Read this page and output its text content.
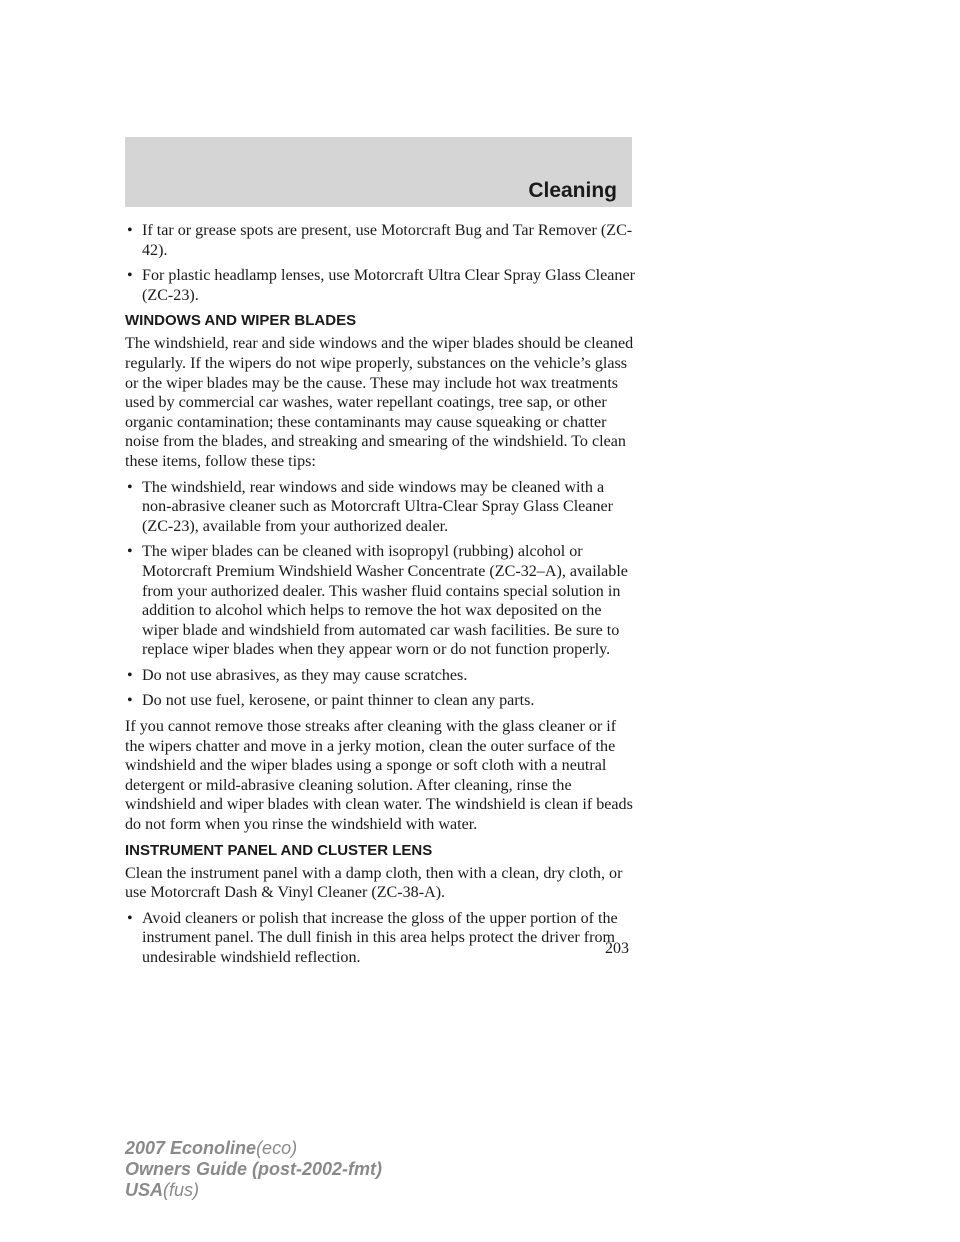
Cleaning
• If tar or grease spots are present, use Motorcraft Bug and Tar Remover (ZC-42).
• For plastic headlamp lenses, use Motorcraft Ultra Clear Spray Glass Cleaner (ZC-23).
WINDOWS AND WIPER BLADES

The windshield, rear and side windows and the wiper blades should be cleaned regularly. If the wipers do not wipe properly, substances on the vehicle’s glass or the wiper blades may be the cause. These may include hot wax treatments used by commercial car washes, water repellant coatings, tree sap, or other organic contamination; these contaminants may cause squeaking or chatter noise from the blades, and streaking and smearing of the windshield. To clean these items, follow these tips:

• The windshield, rear windows and side windows may be cleaned with a non-abrasive cleaner such as Motorcraft Ultra-Clear Spray Glass Cleaner (ZC-23), available from your authorized dealer.
• The wiper blades can be cleaned with isopropyl (rubbing) alcohol or Motorcraft Premium Windshield Washer Concentrate (ZC-32–A), available from your authorized dealer. This washer fluid contains special solution in addition to alcohol which helps to remove the hot wax deposited on the wiper blade and windshield from automated car wash facilities. Be sure to replace wiper blades when they appear worn or do not function properly.
• Do not use abrasives, as they may cause scratches.
• Do not use fuel, kerosene, or paint thinner to clean any parts.

If you cannot remove those streaks after cleaning with the glass cleaner or if the wipers chatter and move in a jerky motion, clean the outer surface of the windshield and the wiper blades using a sponge or soft cloth with a neutral detergent or mild-abrasive cleaning solution. After cleaning, rinse the windshield and wiper blades with clean water. The windshield is clean if beads do not form when you rinse the windshield with water.

INSTRUMENT PANEL AND CLUSTER LENS

Clean the instrument panel with a damp cloth, then with a clean, dry cloth, or use Motorcraft Dash & Vinyl Cleaner (ZC-38-A).

• Avoid cleaners or polish that increase the gloss of the upper portion of the instrument panel. The dull finish in this area helps protect the driver from undesirable windshield reflection.
203
2007 Econoline(eco)
Owners Guide (post-2002-fmt)
USA(fus)
